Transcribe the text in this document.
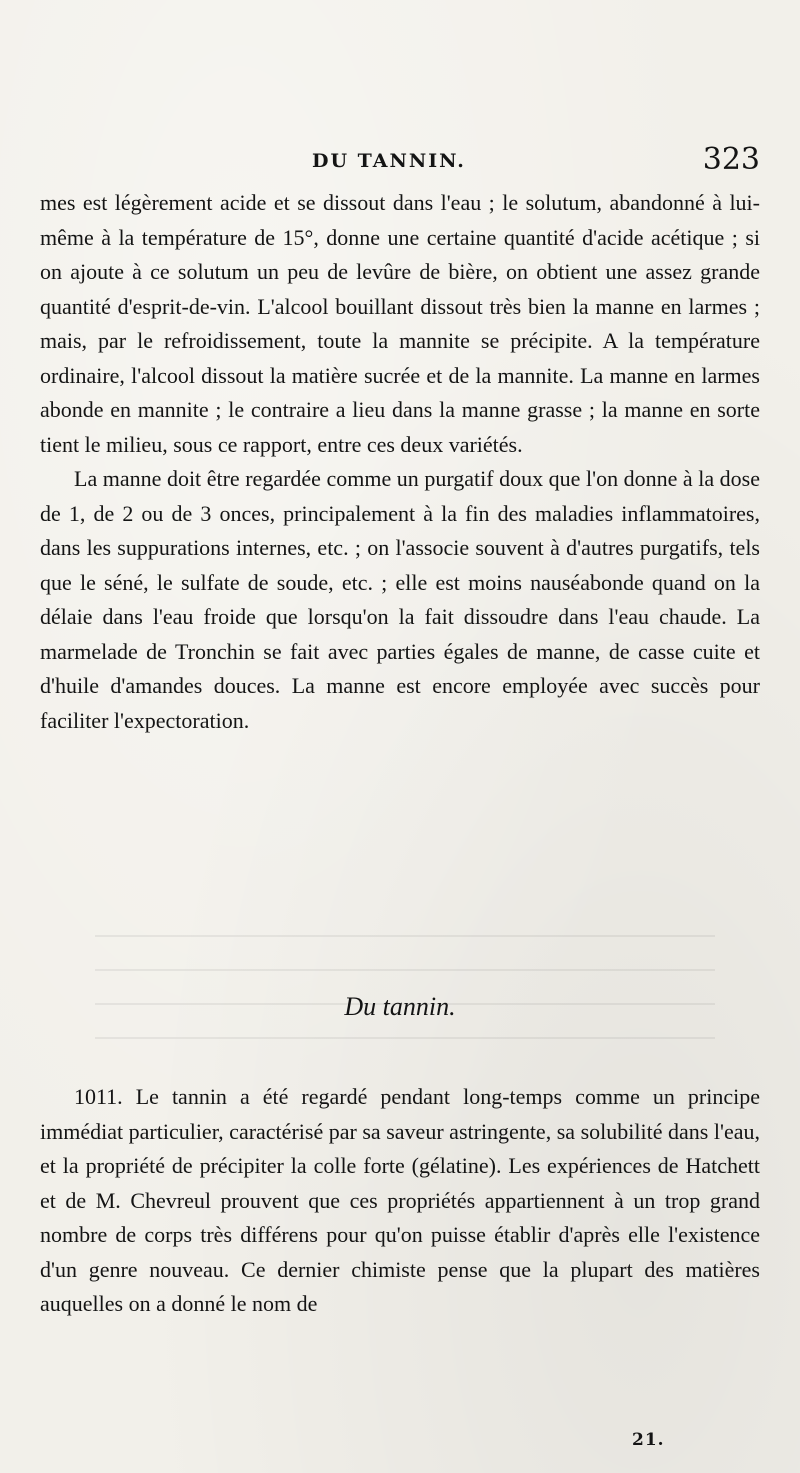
DU TANNIN.	323

mes est légèrement acide et se dissout dans l'eau ; le solutum, abandonné à lui-même à la température de 15°, donne une certaine quantité d'acide acétique ; si on ajoute à ce solutum un peu de levûre de bière, on obtient une assez grande quantité d'esprit-de-vin. L'alcool bouillant dissout très bien la manne en larmes ; mais, par le refroidissement, toute la mannite se précipite. A la température ordinaire, l'alcool dissout la matière sucrée et de la mannite. La manne en larmes abonde en mannite ; le contraire a lieu dans la manne grasse ; la manne en sorte tient le milieu, sous ce rapport, entre ces deux variétés.

La manne doit être regardée comme un purgatif doux que l'on donne à la dose de 1, de 2 ou de 3 onces, principalement à la fin des maladies inflammatoires, dans les suppurations internes, etc. ; on l'associe souvent à d'autres purgatifs, tels que le séné, le sulfate de soude, etc. ; elle est moins nauséabonde quand on la délaie dans l'eau froide que lorsqu'on la fait dissoudre dans l'eau chaude. La marmelade de Tronchin se fait avec parties égales de manne, de casse cuite et d'huile d'amandes douces. La manne est encore employée avec succès pour faciliter l'expectoration.

Du tannin.

1011. Le tannin a été regardé pendant long-temps comme un principe immédiat particulier, caractérisé par sa saveur astringente, sa solubilité dans l'eau, et la propriété de précipiter la colle forte (gélatine). Les expériences de Hatchett et de M. Chevreul prouvent que ces propriétés appartiennent à un trop grand nombre de corps très différens pour qu'on puisse établir d'après elle l'existence d'un genre nouveau. Ce dernier chimiste pense que la plupart des matières auquelles on a donné le nom de

21.
